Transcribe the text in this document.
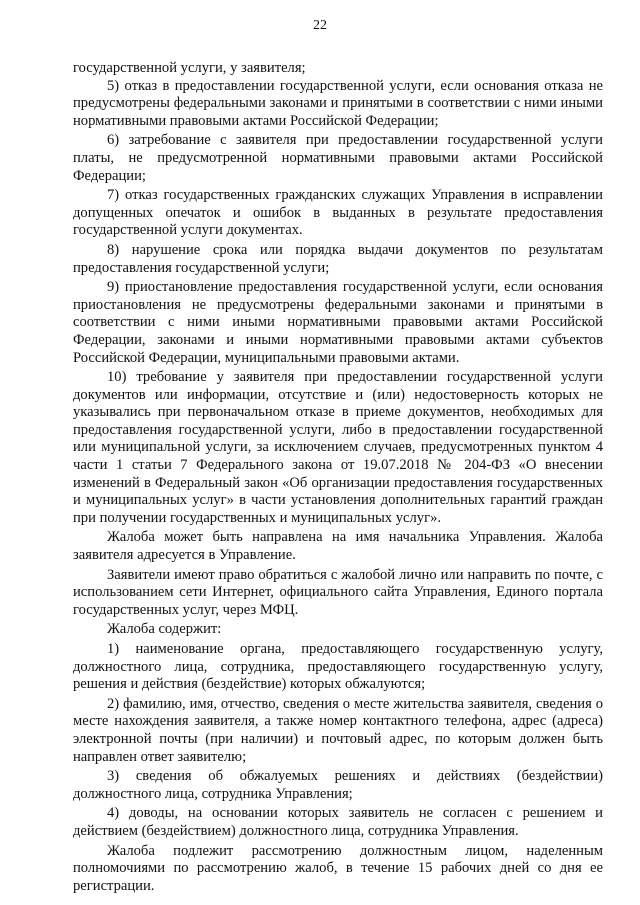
22

государственной услуги, у заявителя;

5) отказ в предоставлении государственной услуги, если основания отказа не предусмотрены федеральными законами и принятыми в соответствии с ними иными нормативными правовыми актами Российской Федерации;

6) затребование с заявителя при предоставлении государственной услуги платы, не предусмотренной нормативными правовыми актами Российской Федерации;

7) отказ государственных гражданских служащих Управления в исправлении допущенных опечаток и ошибок в выданных в результате предоставления государственной услуги документах.

8) нарушение срока или порядка выдачи документов по результатам предоставления государственной услуги;

9) приостановление предоставления государственной услуги, если основания приостановления не предусмотрены федеральными законами и принятыми в соответствии с ними иными нормативными правовыми актами Российской Федерации, законами и иными нормативными правовыми актами субъектов Российской Федерации, муниципальными правовыми актами.

10) требование у заявителя при предоставлении государственной услуги документов или информации, отсутствие и (или) недостоверность которых не указывались при первоначальном отказе в приеме документов, необходимых для предоставления государственной услуги, либо в предоставлении государственной или муниципальной услуги, за исключением случаев, предусмотренных пунктом 4 части 1 статьи 7 Федерального закона от 19.07.2018 № 204-ФЗ «О внесении изменений в Федеральный закон «Об организации предоставления государственных и муниципальных услуг» в части установления дополнительных гарантий граждан при получении государственных и муниципальных услуг».

Жалоба может быть направлена на имя начальника Управления. Жалоба заявителя адресуется в Управление.

Заявители имеют право обратиться с жалобой лично или направить по почте, с использованием сети Интернет, официального сайта Управления, Единого портала государственных услуг, через МФЦ.

Жалоба содержит:

1) наименование органа, предоставляющего государственную услугу, должностного лица, сотрудника, предоставляющего государственную услугу, решения и действия (бездействие) которых обжалуются;

2) фамилию, имя, отчество, сведения о месте жительства заявителя, сведения о месте нахождения заявителя, а также номер контактного телефона, адрес (адреса) электронной почты (при наличии) и почтовый адрес, по которым должен быть направлен ответ заявителю;

3) сведения об обжалуемых решениях и действиях (бездействии) должностного лица, сотрудника Управления;

4) доводы, на основании которых заявитель не согласен с решением и действием (бездействием) должностного лица, сотрудника Управления.

Жалоба подлежит рассмотрению должностным лицом, наделенным полномочиями по рассмотрению жалоб, в течение 15 рабочих дней со дня ее регистрации.
